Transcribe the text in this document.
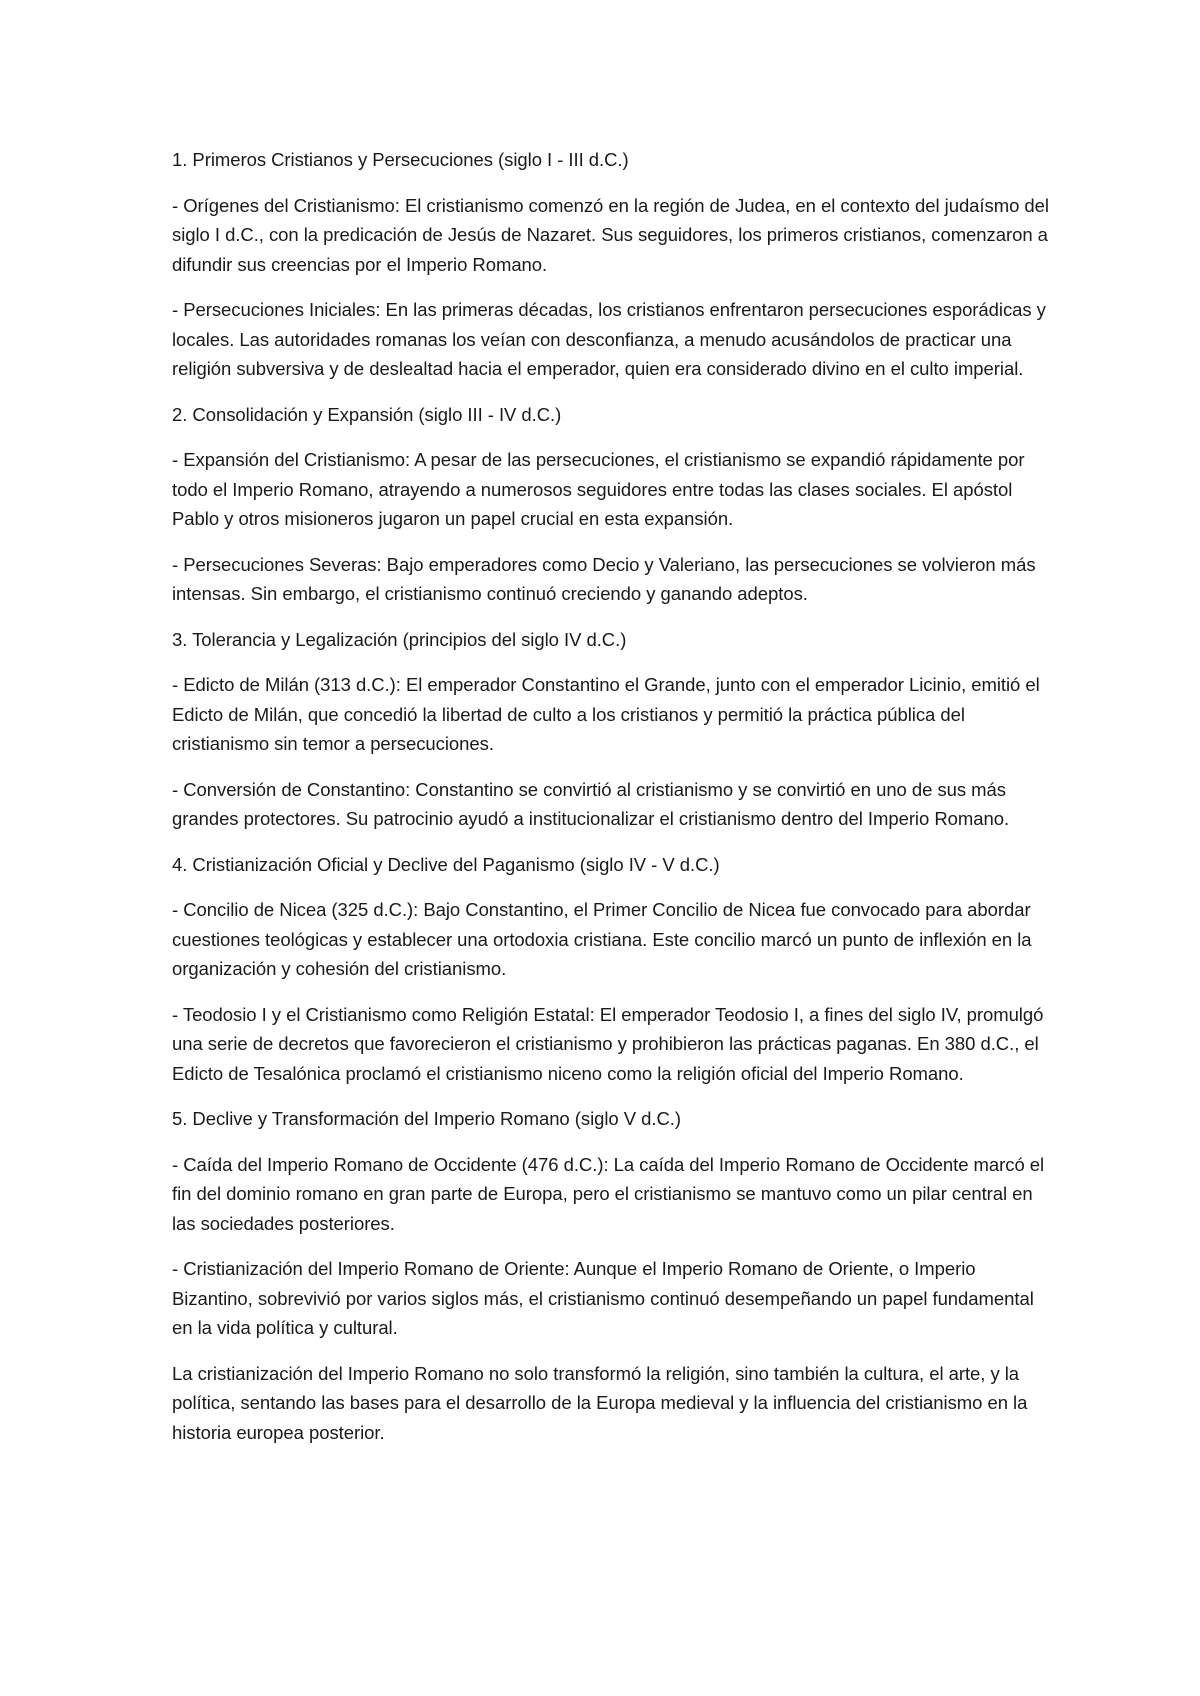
1. Primeros Cristianos y Persecuciones (siglo I - III d.C.)
- Orígenes del Cristianismo: El cristianismo comenzó en la región de Judea, en el contexto del judaísmo del siglo I d.C., con la predicación de Jesús de Nazaret. Sus seguidores, los primeros cristianos, comenzaron a difundir sus creencias por el Imperio Romano.
- Persecuciones Iniciales: En las primeras décadas, los cristianos enfrentaron persecuciones esporádicas y locales. Las autoridades romanas los veían con desconfianza, a menudo acusándolos de practicar una religión subversiva y de deslealtad hacia el emperador, quien era considerado divino en el culto imperial.
2. Consolidación y Expansión (siglo III - IV d.C.)
- Expansión del Cristianismo: A pesar de las persecuciones, el cristianismo se expandió rápidamente por todo el Imperio Romano, atrayendo a numerosos seguidores entre todas las clases sociales. El apóstol Pablo y otros misioneros jugaron un papel crucial en esta expansión.
- Persecuciones Severas: Bajo emperadores como Decio y Valeriano, las persecuciones se volvieron más intensas. Sin embargo, el cristianismo continuó creciendo y ganando adeptos.
3. Tolerancia y Legalización (principios del siglo IV d.C.)
- Edicto de Milán (313 d.C.): El emperador Constantino el Grande, junto con el emperador Licinio, emitió el Edicto de Milán, que concedió la libertad de culto a los cristianos y permitió la práctica pública del cristianismo sin temor a persecuciones.
- Conversión de Constantino: Constantino se convirtió al cristianismo y se convirtió en uno de sus más grandes protectores. Su patrocinio ayudó a institucionalizar el cristianismo dentro del Imperio Romano.
4. Cristianización Oficial y Declive del Paganismo (siglo IV - V d.C.)
- Concilio de Nicea (325 d.C.): Bajo Constantino, el Primer Concilio de Nicea fue convocado para abordar cuestiones teológicas y establecer una ortodoxia cristiana. Este concilio marcó un punto de inflexión en la organización y cohesión del cristianismo.
- Teodosio I y el Cristianismo como Religión Estatal: El emperador Teodosio I, a fines del siglo IV, promulgó una serie de decretos que favorecieron el cristianismo y prohibieron las prácticas paganas. En 380 d.C., el Edicto de Tesalónica proclamó el cristianismo niceno como la religión oficial del Imperio Romano.
5. Declive y Transformación del Imperio Romano (siglo V d.C.)
- Caída del Imperio Romano de Occidente (476 d.C.): La caída del Imperio Romano de Occidente marcó el fin del dominio romano en gran parte de Europa, pero el cristianismo se mantuvo como un pilar central en las sociedades posteriores.
- Cristianización del Imperio Romano de Oriente: Aunque el Imperio Romano de Oriente, o Imperio Bizantino, sobrevivió por varios siglos más, el cristianismo continuó desempeñando un papel fundamental en la vida política y cultural.
La cristianización del Imperio Romano no solo transformó la religión, sino también la cultura, el arte, y la política, sentando las bases para el desarrollo de la Europa medieval y la influencia del cristianismo en la historia europea posterior.
